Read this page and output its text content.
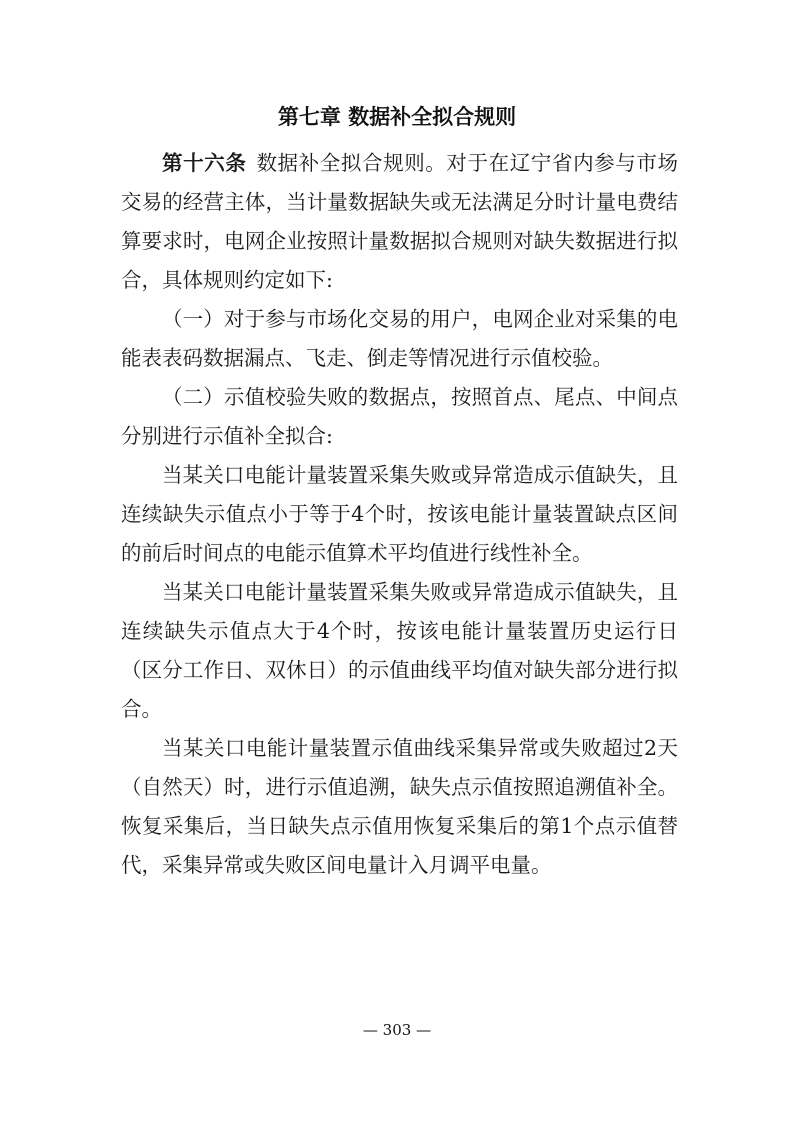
第七章 数据补全拟合规则

第十六条 数据补全拟合规则。对于在辽宁省内参与市场交易的经营主体，当计量数据缺失或无法满足分时计量电费结算要求时，电网企业按照计量数据拟合规则对缺失数据进行拟合，具体规则约定如下:

（一）对于参与市场化交易的用户，电网企业对采集的电能表表码数据漏点、飞走、倒走等情况进行示值校验。

（二）示值校验失败的数据点，按照首点、尾点、中间点分别进行示值补全拟合:

当某关口电能计量装置采集失败或异常造成示值缺失，且连续缺失示值点小于等于4个时，按该电能计量装置缺点区间的前后时间点的电能示值算术平均值进行线性补全。

当某关口电能计量装置采集失败或异常造成示值缺失，且连续缺失示值点大于4个时，按该电能计量装置历史运行日（区分工作日、双休日）的示值曲线平均值对缺失部分进行拟合。

当某关口电能计量装置示值曲线采集异常或失败超过2天（自然天）时，进行示值追溯，缺失点示值按照追溯值补全。恢复采集后，当日缺失点示值用恢复采集后的第1个点示值替代，采集异常或失败区间电量计入月调平电量。

— 303 —
